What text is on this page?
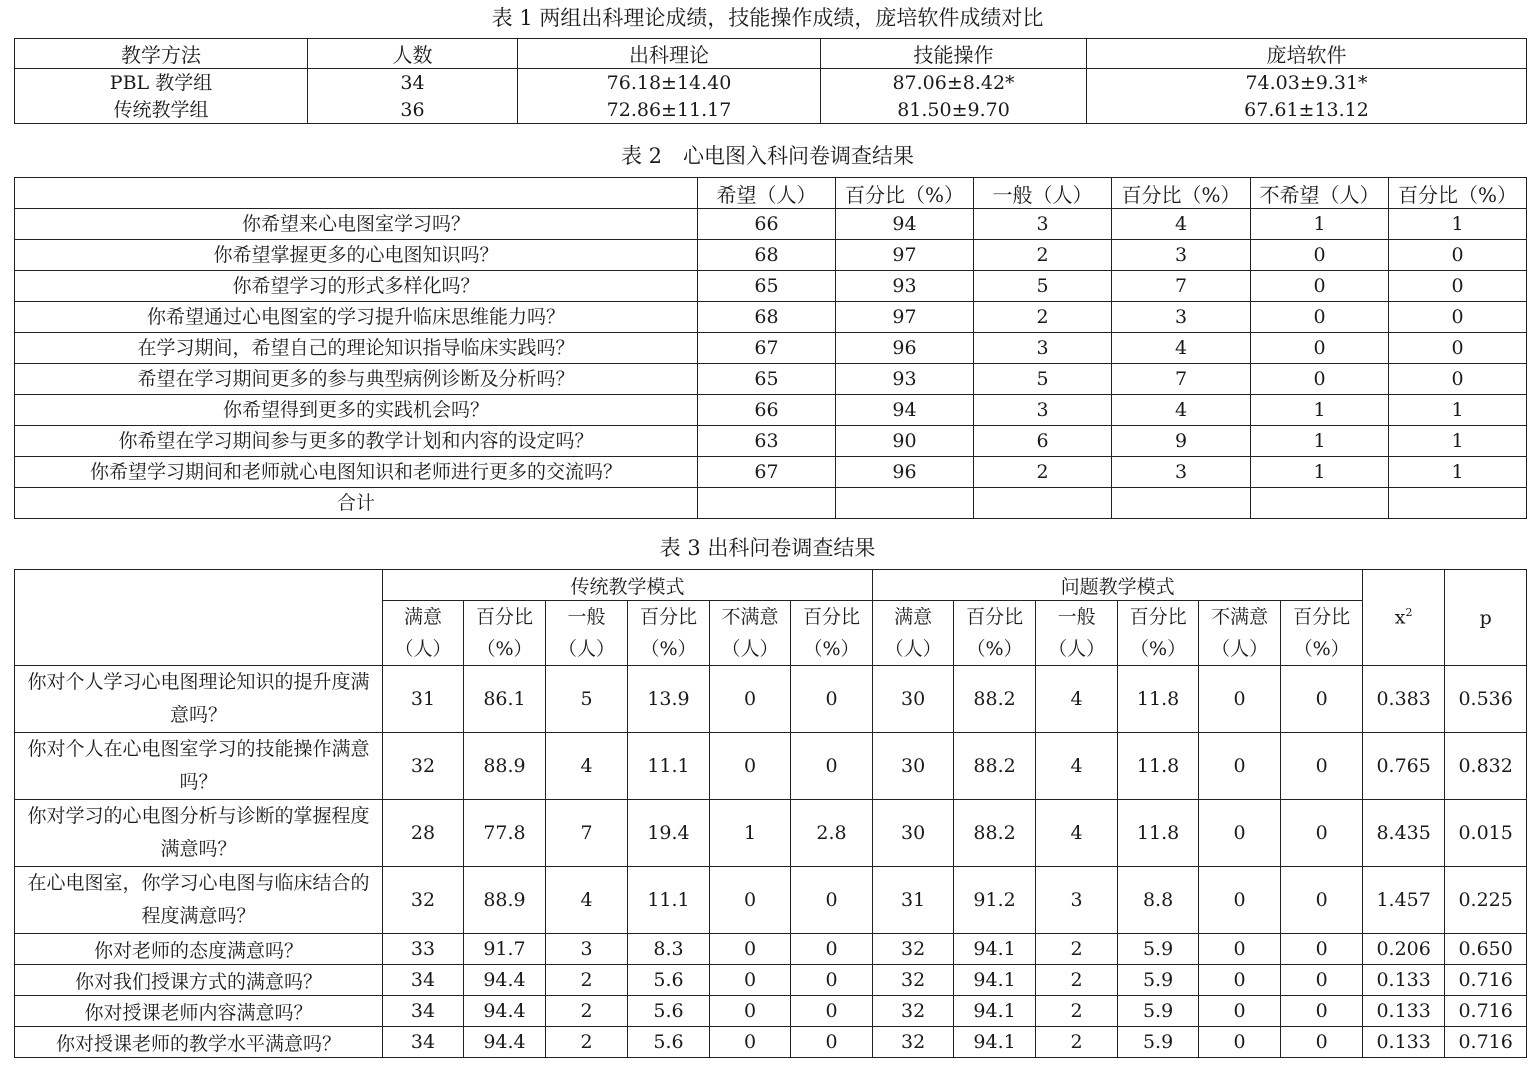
表 1 两组出科理论成绩，技能操作成绩，庞培软件成绩对比
教学方法	人数	出科理论	技能操作	庞培软件
PBL 教学组	34	76.18±14.40	87.06±8.42*	74.03±9.31*
传统教学组	36	72.86±11.17	81.50±9.70	67.61±13.12
表 2　心电图入科问卷调查结果
	希望（人）	百分比（%）	一般（人）	百分比（%）	不希望（人）	百分比（%）
你希望来心电图室学习吗？	66	94	3	4	1	1
你希望掌握更多的心电图知识吗？	68	97	2	3	0	0
你希望学习的形式多样化吗？	65	93	5	7	0	0
你希望通过心电图室的学习提升临床思维能力吗？	68	97	2	3	0	0
在学习期间，希望自己的理论知识指导临床实践吗？	67	96	3	4	0	0
希望在学习期间更多的参与典型病例诊断及分析吗？	65	93	5	7	0	0
你希望得到更多的实践机会吗？	66	94	3	4	1	1
你希望在学习期间参与更多的教学计划和内容的设定吗？	63	90	6	9	1	1
你希望学习期间和老师就心电图知识和老师进行更多的交流吗？	67	96	2	3	1	1
合计						
表 3 出科问卷调查结果
	传统教学模式						问题教学模式						$x^2$	p
	满意（人）	百分比（%）	一般（人）	百分比（%）	不满意（人）	百分比（%）	满意（人）	百分比（%）	一般（人）	百分比（%）	不满意（人）	百分比（%）		
你对个人学习心电图理论知识的提升度满意吗？	31	86.1	5	13.9	0	0	30	88.2	4	11.8	0	0	0.383	0.536
你对个人在心电图室学习的技能操作满意吗？	32	88.9	4	11.1	0	0	30	88.2	4	11.8	0	0	0.765	0.832
你对学习的心电图分析与诊断的掌握程度满意吗？	28	77.8	7	19.4	1	2.8	30	88.2	4	11.8	0	0	8.435	0.015
在心电图室，你学习心电图与临床结合的程度满意吗？	32	88.9	4	11.1	0	0	31	91.2	3	8.8	0	0	1.457	0.225
你对老师的态度满意吗？	33	91.7	3	8.3	0	0	32	94.1	2	5.9	0	0	0.206	0.650
你对我们授课方式的满意吗？	34	94.4	2	5.6	0	0	32	94.1	2	5.9	0	0	0.133	0.716
你对授课老师内容满意吗？	34	94.4	2	5.6	0	0	32	94.1	2	5.9	0	0	0.133	0.716
你对授课老师的教学水平满意吗？	34	94.4	2	5.6	0	0	32	94.1	2	5.9	0	0	0.133	0.716
